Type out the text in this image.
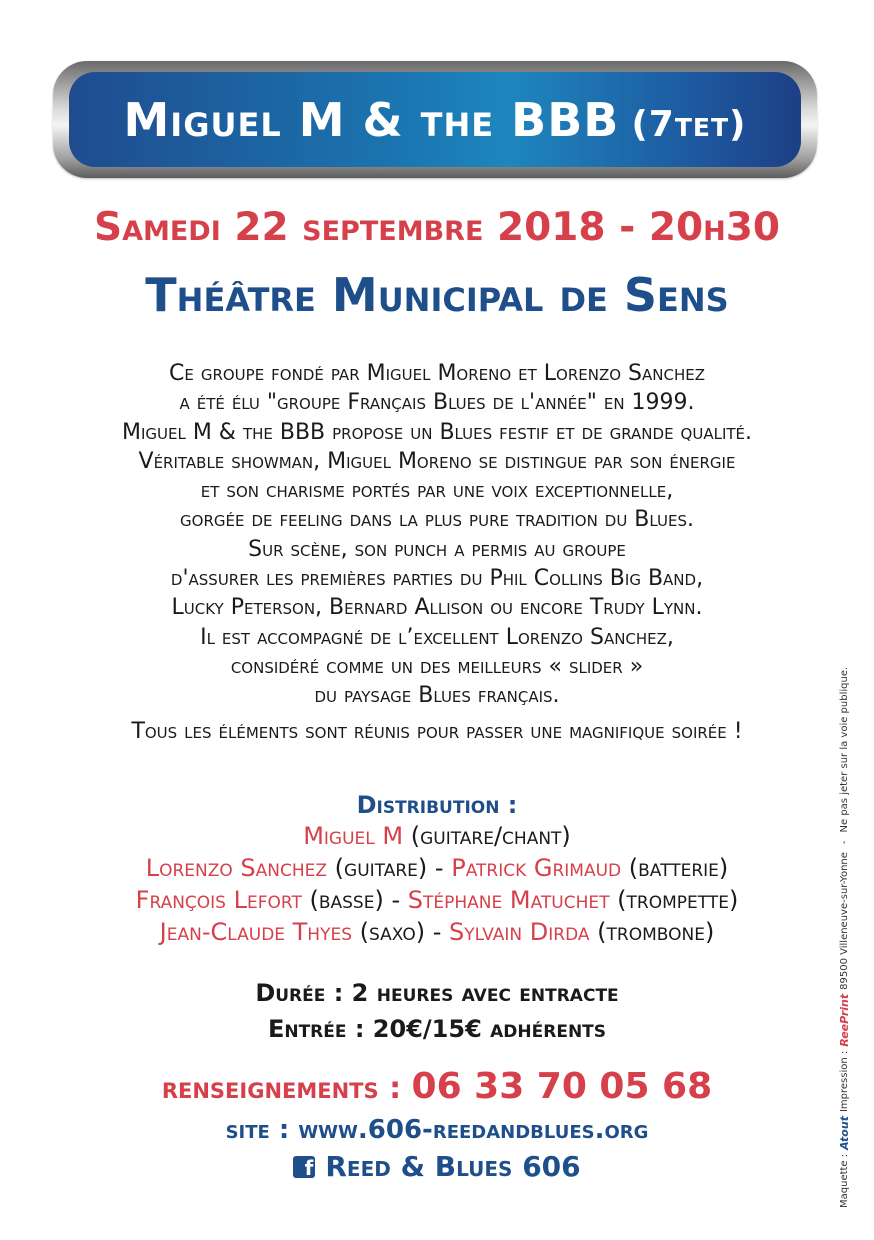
Miguel M & the BBB (7tet)
Samedi 22 septembre 2018 - 20h30
Théâtre Municipal de Sens
Ce groupe fondé par Miguel Moreno et Lorenzo Sanchez
a été élu "groupe Français Blues de l'année" en 1999.
Miguel M & the BBB propose un Blues festif et de grande qualité.
Véritable showman, Miguel Moreno se distingue par son énergie
et son charisme portés par une voix exceptionnelle,
gorgée de feeling dans la plus pure tradition du Blues.
Sur scène, son punch a permis au groupe
d'assurer les premières parties du Phil Collins Big Band,
Lucky Peterson, Bernard Allison ou encore Trudy Lynn.
Il est accompagné de l’excellent Lorenzo Sanchez,
considéré comme un des meilleurs « slider »
du paysage Blues français.
Tous les éléments sont réunis pour passer une magnifique soirée !
Distribution :
Miguel M (guitare/chant)
Lorenzo Sanchez (guitare) - Patrick Grimaud (batterie)
François Lefort (basse) - Stéphane Matuchet (trompette)
Jean-Claude Thyes (saxo) - Sylvain Dirda (trombone)
Durée : 2 heures avec entracte
Entrée : 20€/15€ adhérents
renseignements : 06 33 70 05 68
site : www.606-reedandblues.org
f Reed & Blues 606	Maquette :
Atout
Impression :
ReePrint
89500 Villeneuve-sur-Yonne
-
Ne pas jeter sur la voie publique.
